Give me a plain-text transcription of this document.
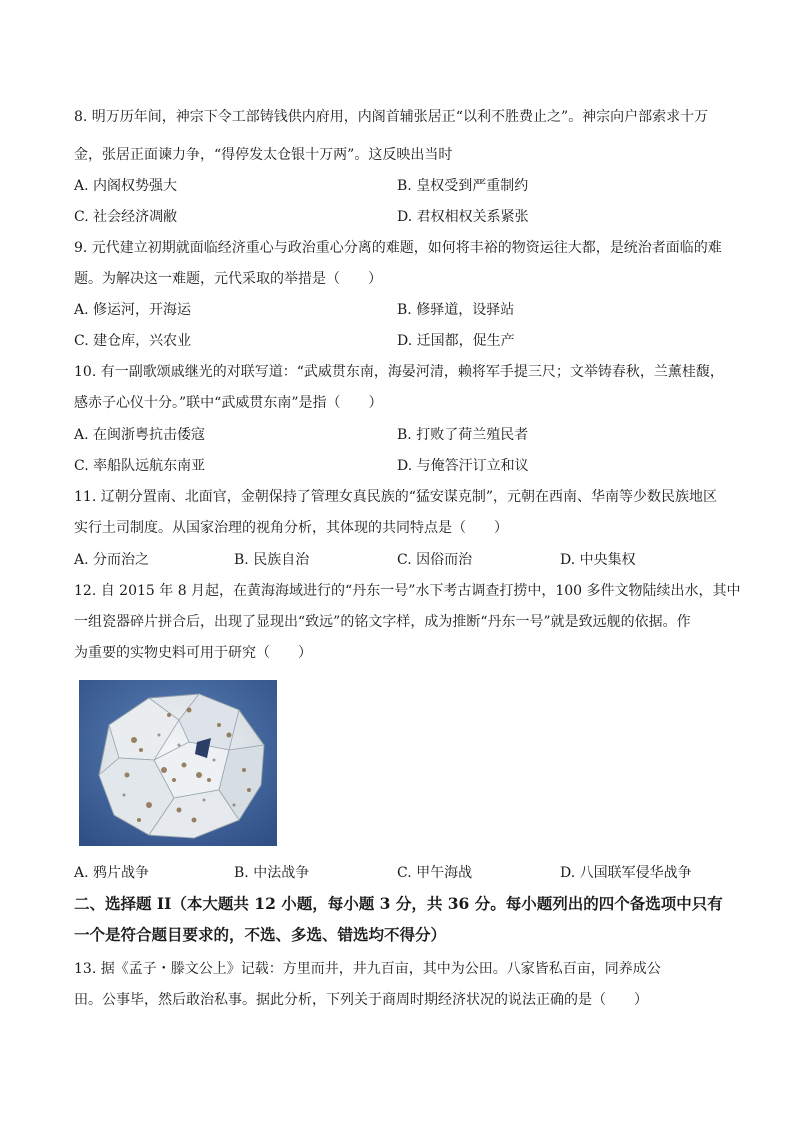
8. 明万历年间，神宗下令工部铸钱供内府用，内阁首辅张居正“以利不胜费止之”。神宗向户部索求十万
金，张居正面谏力争，“得停发太仓银十万两”。这反映出当时
A. 内阁权势强大	B. 皇权受到严重制约
C. 社会经济凋敝	D. 君权相权关系紧张
9. 元代建立初期就面临经济重心与政治重心分离的难题，如何将丰裕的物资运往大都，是统治者面临的难
题。为解决这一难题，元代采取的举措是（　　）
A. 修运河，开海运	B. 修驿道，设驿站
C. 建仓库，兴农业	D. 迁国都，促生产
10. 有一副歌颂戚继光的对联写道：“武威贯东南，海晏河清，赖将军手提三尺；文举铸春秋，兰薰桂馥，
感赤子心仪十分。”联中“武威贯东南”是指（　　）
A. 在闽浙粤抗击倭寇	B. 打败了荷兰殖民者
C. 率船队远航东南亚	D. 与俺答汗订立和议
11. 辽朝分置南、北面官，金朝保持了管理女真民族的“猛安谋克制”，元朝在西南、华南等少数民族地区
实行土司制度。从国家治理的视角分析，其体现的共同特点是（　　）
A. 分而治之	B. 民族自治	C. 因俗而治	D. 中央集权
12. 自 2015 年 8 月起，在黄海海域进行的“丹东一号”水下考古调查打捞中，100 多件文物陆续出水，其中
一组瓷器碎片拼合后，出现了显现出“致远”的铭文字样，成为推断“丹东一号”就是致远舰的依据。作
为重要的实物史料可用于研究（　　）
A. 鸦片战争	B. 中法战争	C. 甲午海战	D. 八国联军侵华战争
二、选择题 II（本大题共 12 小题，每小题 3 分，共 36 分。每小题列出的四个备选项中只有
一个是符合题目要求的，不选、多选、错选均不得分）
13. 据《孟子・滕文公上》记载：方里而井，井九百亩，其中为公田。八家皆私百亩，同养成公
田。公事毕，然后敢治私事。据此分析，下列关于商周时期经济状况的说法正确的是（　　）
